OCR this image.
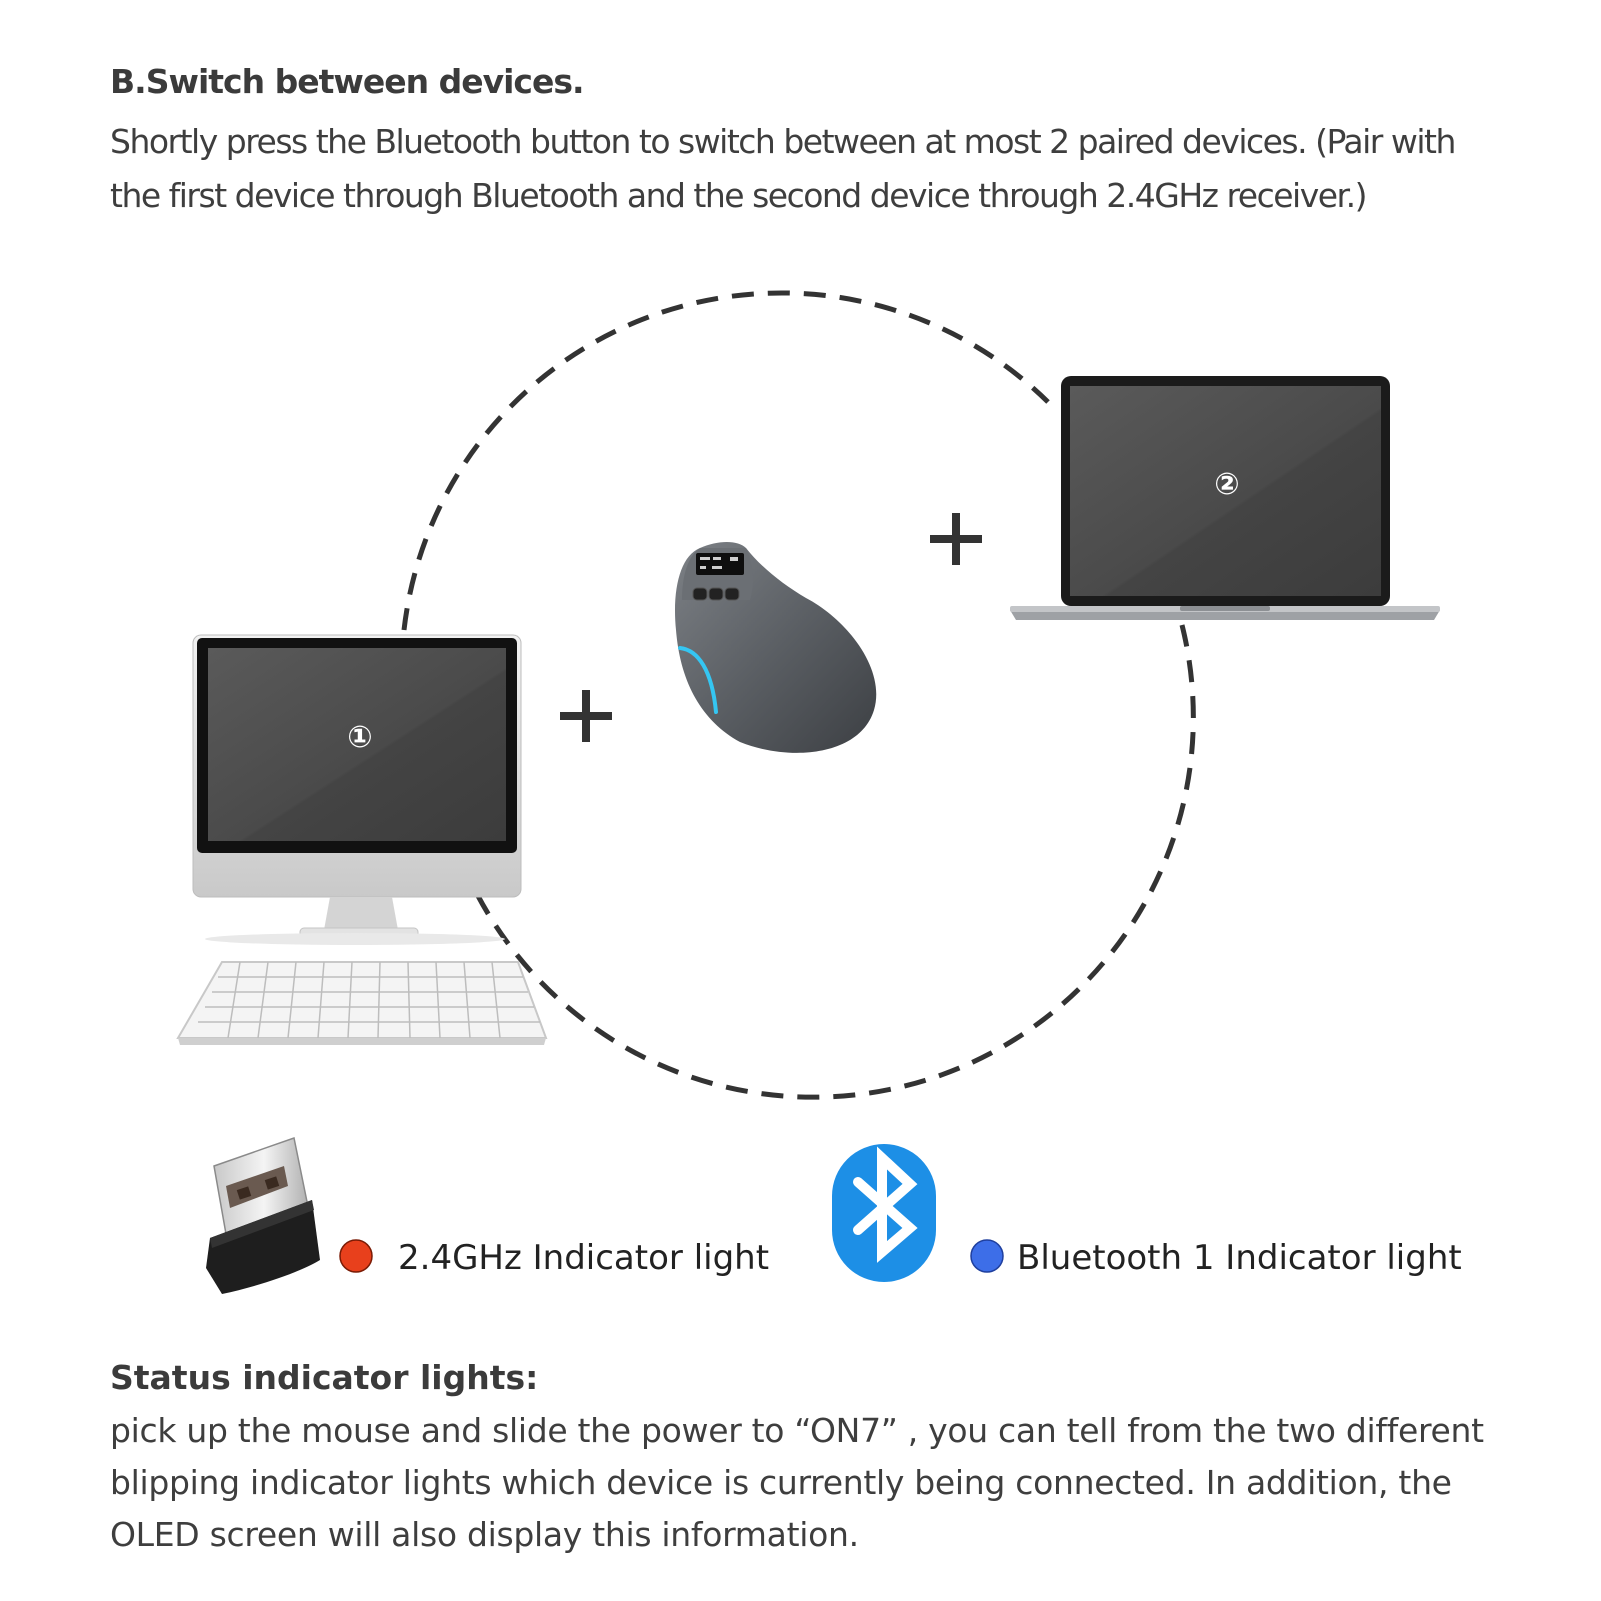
B.Switch between devices.

Shortly press the Bluetooth button to switch between at most 2 paired devices. (Pair with the first device through Bluetooth and the second device through 2.4GHz receiver.)

①
②
2.4GHz Indicator light	Bluetooth 1 Indicator light
Status indicator lights:

pick up the mouse and slide the power to “ON7” , you can tell from the two different blipping indicator lights which device is currently being connected. In addition, the OLED screen will also display this information.
